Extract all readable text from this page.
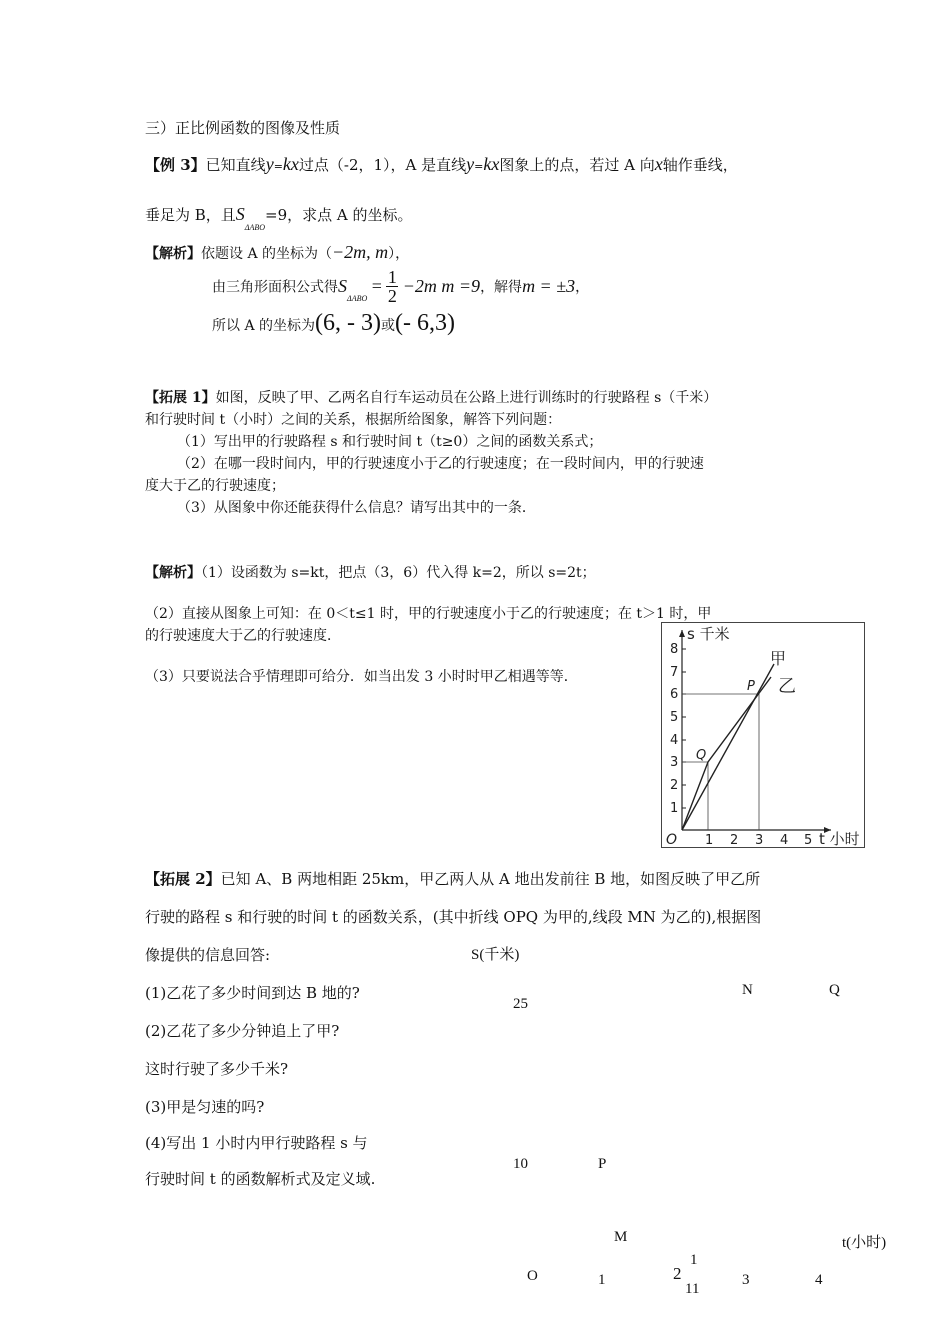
三）正比例函数的图像及性质
【例 3】已知直线y=kx过点（-2，1），A 是直线y=kx图象上的点，若过 A 向x轴作垂线，
垂足为 B，且$S_{\Delta ABO}=9$，求点 A 的坐标。
【解析】依题设 A 的坐标为（−2m, m），
由三角形面积公式得$S_{\Delta ABO} = \frac{1}{2} -2m$ m =9，解得m = ±3，
所以 A 的坐标为(6, - 3)或(- 6,3)
【拓展 1】如图，反映了甲、乙两名自行车运动员在公路上进行训练时的行驶路程 s（千米）
和行驶时间 t（小时）之间的关系，根据所给图象，解答下列问题：
（1）写出甲的行驶路程 s 和行驶时间 t（t≥0）之间的函数关系式；
（2）在哪一段时间内，甲的行驶速度小于乙的行驶速度；在一段时间内，甲的行驶速
度大于乙的行驶速度；
（3）从图象中你还能获得什么信息？请写出其中的一条．
【解析】（1）设函数为 s=kt，把点（3，6）代入得 k=2，所以 s=2t；
（2）直接从图象上可知：在 0＜t≤1 时，甲的行驶速度小于乙的行驶速度；在 t＞1 时，甲
的行驶速度大于乙的行驶速度．
（3）只要说法合乎情理即可给分．如当出发 3 小时时甲乙相遇等等．
1
2
3
4
5
6
7
8
1 2 3 4 5
O
s 千米
t 小时
甲
乙
P
Q
【拓展 2】已知 A、B 两地相距 25km，甲乙两人从 A 地出发前往 B 地，如图反映了甲乙所
行驶的路程 s 和行驶的时间 t 的函数关系，(其中折线 OPQ 为甲的,线段 MN 为乙的),根据图
像提供的信息回答:
(1)乙花了多少时间到达 B 地的?
(2)乙花了多少分钟追上了甲?
这时行驶了多少千米?
(3)甲是匀速的吗?
(4)写出 1 小时内甲行驶路程 s 与
行驶时间 t 的函数解析式及定义域.
S(千米)
25
N	Q
10	P
M	t(小时)
O	1	2
1
11
3	4
